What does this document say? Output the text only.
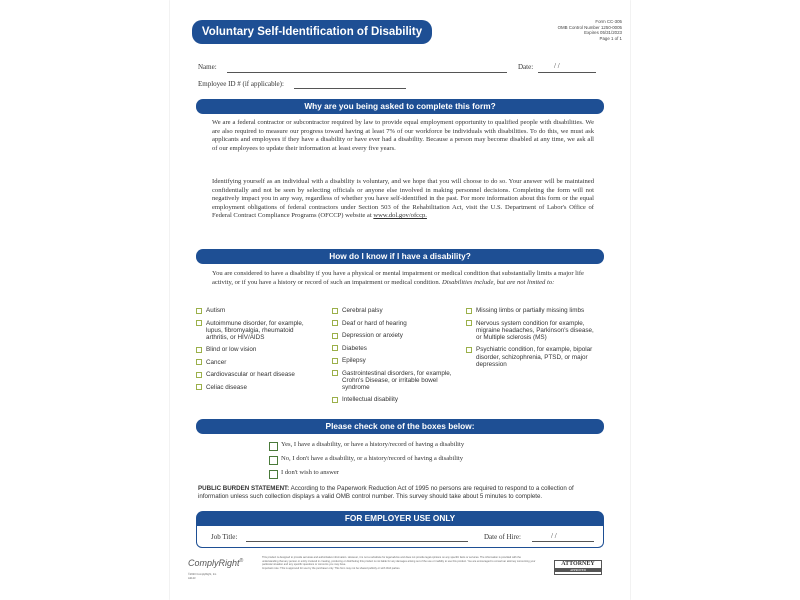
Voluntary Self-Identification of Disability
Form CC-305
OMB Control Number 1250-0005
Expires 05/31/2023
Page 1 of 1
Name:	Date:	/ /
Employee ID # (if applicable):
Why are you being asked to complete this form?
We are a federal contractor or subcontractor required by law to provide equal employment opportunity to qualified people with disabilities. We are also required to measure our progress toward having at least 7% of our workforce be individuals with disabilities. To do this, we must ask applicants and employees if they have a disability or have ever had a disability. Because a person may become disabled at any time, we ask all of our employees to update their information at least every five years.
Identifying yourself as an individual with a disability is voluntary, and we hope that you will choose to do so. Your answer will be maintained confidentially and not be seen by selecting officials or anyone else involved in making personnel decisions. Completing the form will not negatively impact you in any way, regardless of whether you have self-identified in the past. For more information about this form or the equal employment obligations of federal contractors under Section 503 of the Rehabilitation Act, visit the U.S. Department of Labor's Office of Federal Contract Compliance Programs (OFCCP) website at www.dol.gov/ofccp.
How do I know if I have a disability?
You are considered to have a disability if you have a physical or mental impairment or medical condition that substantially limits a major life activity, or if you have a history or record of such an impairment or medical condition. Disabilities include, but are not limited to:
Autism
Autoimmune disorder, for example, lupus, fibromyalgia, rheumatoid arthritis, or HIV/AIDS
Blind or low vision
Cancer
Cardiovascular or heart disease
Celiac disease
Cerebral palsy
Deaf or hard of hearing
Depression or anxiety
Diabetes
Epilepsy
Gastrointestinal disorders, for example, Crohn's Disease, or irritable bowel syndrome
Intellectual disability
Missing limbs or partially missing limbs
Nervous system condition for example, migraine headaches, Parkinson's disease, or Multiple sclerosis (MS)
Psychiatric condition, for example, bipolar disorder, schizophrenia, PTSD, or major depression
Please check one of the boxes below:
Yes, I have a disability, or have a history/record of having a disability
No, I don't have a disability, or a history/record of having a disability
I don't wish to answer
PUBLIC BURDEN STATEMENT: According to the Paperwork Reduction Act of 1995 no persons are required to respond to a collection of information unless such collection displays a valid OMB control number. This survey should take about 5 minutes to complete.
FOR EMPLOYER USE ONLY
Job Title:	Date of Hire:	/ /
ComplyRight®
©2020 ComplyRight, Inc.
A2123
This product is designed to provide accurate and authoritative information. However, it is not a substitute for legal advice and does not provide legal opinions on any specific facts or services. The information is provided with the understanding that any person or entity involved in creating, producing or distributing this product is not liable for any damages arising out of the use or inability to use this product. You are encouraged to consult an attorney concerning your particular situation and any specific questions or concerns you may have.
Important note: This is approved for use by the purchaser only. This form may not be shared publicly or with third parties.
ATTORNEY
APPROVED
